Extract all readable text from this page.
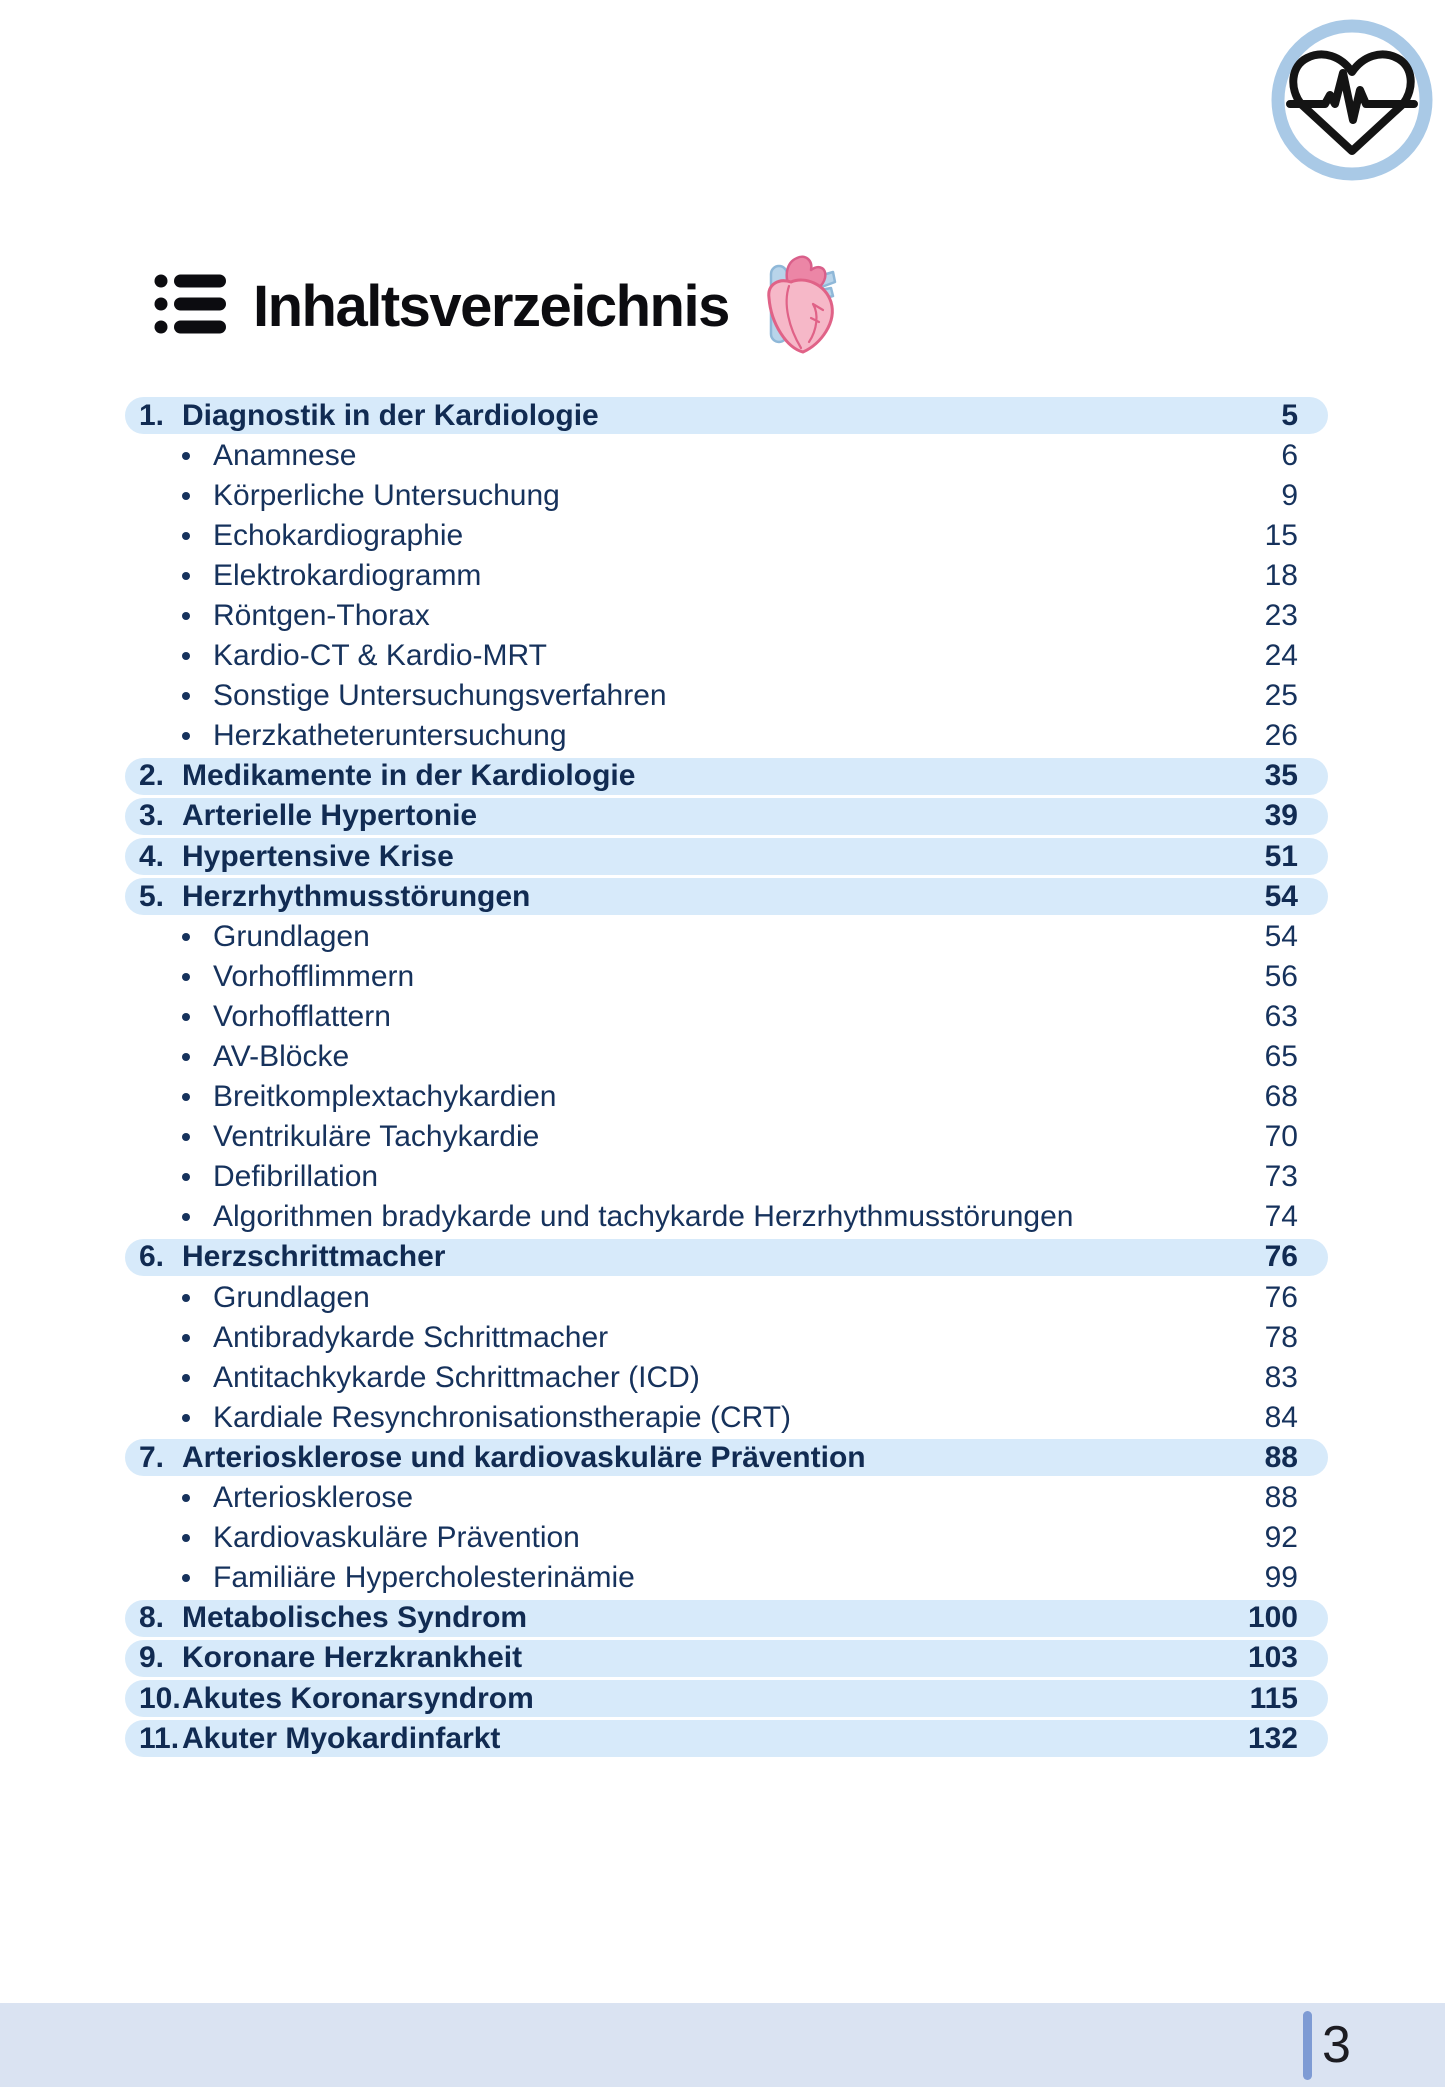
Inhaltsverzeichnis
1. Diagnostik in der Kardiologie	5
Anamnese	6
Körperliche Untersuchung	9
Echokardiographie	15
Elektrokardiogramm	18
Röntgen-Thorax	23
Kardio-CT & Kardio-MRT	24
Sonstige Untersuchungsverfahren	25
Herzkatheteruntersuchung	26
2. Medikamente in der Kardiologie	35
3. Arterielle Hypertonie	39
4. Hypertensive Krise	51
5. Herzrhythmusstörungen	54
Grundlagen	54
Vorhofflimmern	56
Vorhofflattern	63
AV-Blöcke	65
Breitkomplextachykardien	68
Ventrikuläre Tachykardie	70
Defibrillation	73
Algorithmen bradykarde und tachykarde Herzrhythmusstörungen	74
6. Herzschrittmacher	76
Grundlagen	76
Antibradykarde Schrittmacher	78
Antitachkykarde Schrittmacher (ICD)	83
Kardiale Resynchronisationstherapie (CRT)	84
7. Arteriosklerose und kardiovaskuläre Prävention	88
Arteriosklerose	88
Kardiovaskuläre Prävention	92
Familiäre Hypercholesterinämie	99
8. Metabolisches Syndrom	100
9. Koronare Herzkrankheit	103
10. Akutes Koronarsyndrom	115
11. Akuter Myokardinfarkt	132
3
